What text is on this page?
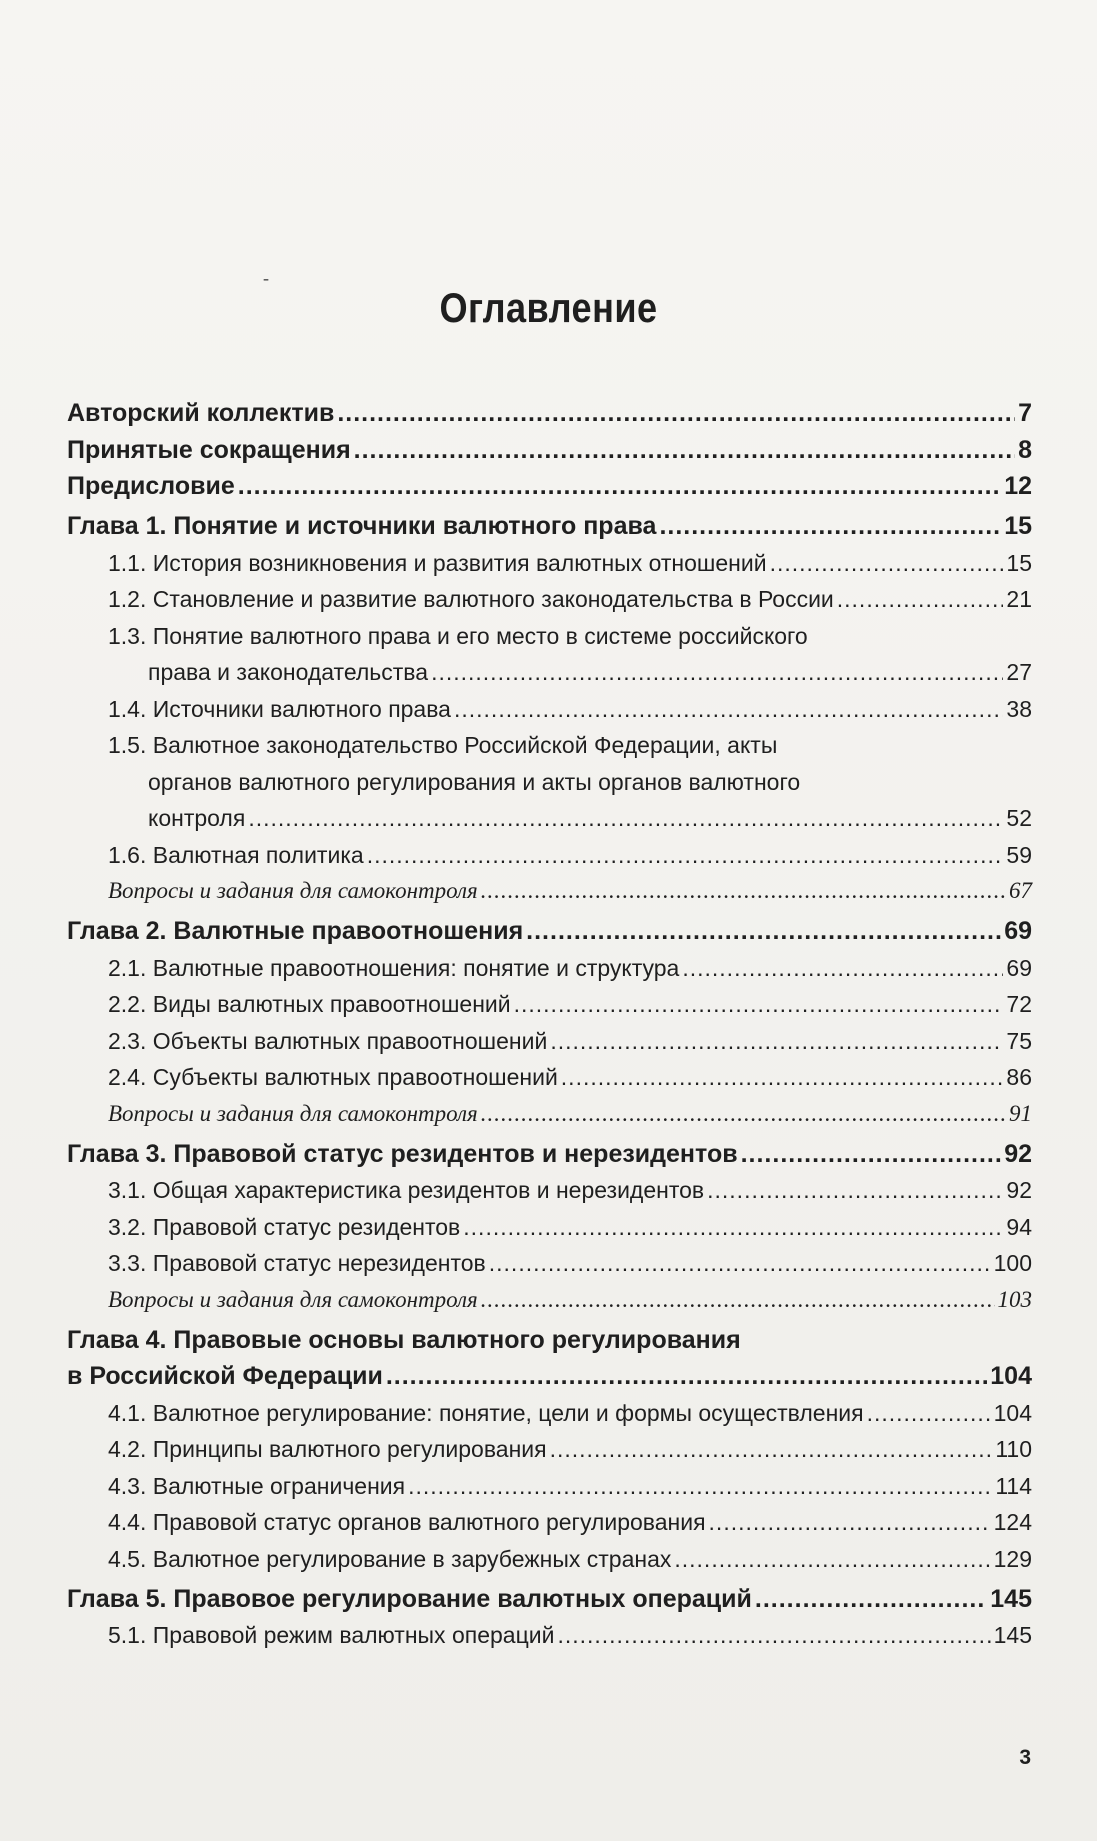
-
Оглавление
Авторский коллектив .....	7
Принятые сокращения .....	8
Предисловие .....	12
Глава 1. Понятие и источники валютного права .....	15
1.1. История возникновения и развития валютных отношений .....	15
1.2. Становление и развитие валютного законодательства в России .....	21
1.3. Понятие валютного права и его место в системе российского
права и законодательства .....	27
1.4. Источники валютного права .....	38
1.5. Валютное законодательство Российской Федерации, акты
органов валютного регулирования и акты органов валютного
контроля .....	52
1.6. Валютная политика .....	59
Вопросы и задания для самоконтроля .....	67
Глава 2. Валютные правоотношения .....	69
2.1. Валютные правоотношения: понятие и структура .....	69
2.2. Виды валютных правоотношений .....	72
2.3. Объекты валютных правоотношений .....	75
2.4. Субъекты валютных правоотношений .....	86
Вопросы и задания для самоконтроля .....	91
Глава 3. Правовой статус резидентов и нерезидентов .....	92
3.1. Общая характеристика резидентов и нерезидентов .....	92
3.2. Правовой статус резидентов .....	94
3.3. Правовой статус нерезидентов .....	100
Вопросы и задания для самоконтроля .....	103
Глава 4. Правовые основы валютного регулирования
в Российской Федерации .....	104
4.1. Валютное регулирование: понятие, цели и формы осуществления .....	104
4.2. Принципы валютного регулирования .....	110
4.3. Валютные ограничения .....	114
4.4. Правовой статус органов валютного регулирования .....	124
4.5. Валютное регулирование в зарубежных странах .....	129
Глава 5. Правовое регулирование валютных операций .....	145
5.1. Правовой режим валютных операций .....	145

3
